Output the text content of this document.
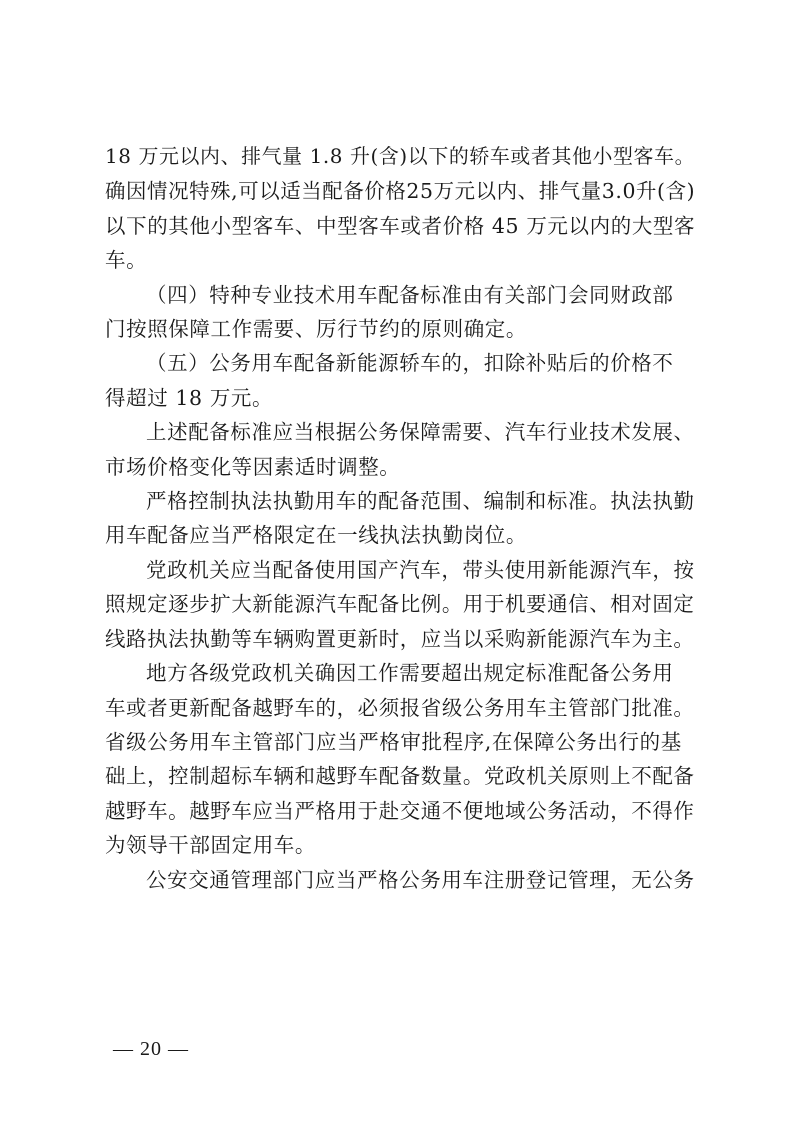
18 万元以内、排气量 1.8 升(含)以下的轿车或者其他小型客车。
确因情况特殊,可以适当配备价格25万元以内、排气量3.0升(含)
以下的其他小型客车、中型客车或者价格 45 万元以内的大型客
车。
（四）特种专业技术用车配备标准由有关部门会同财政部
门按照保障工作需要、厉行节约的原则确定。
（五）公务用车配备新能源轿车的，扣除补贴后的价格不
得超过 18 万元。
上述配备标准应当根据公务保障需要、汽车行业技术发展、
市场价格变化等因素适时调整。
严格控制执法执勤用车的配备范围、编制和标准。执法执勤
用车配备应当严格限定在一线执法执勤岗位。
党政机关应当配备使用国产汽车，带头使用新能源汽车，按
照规定逐步扩大新能源汽车配备比例。用于机要通信、相对固定
线路执法执勤等车辆购置更新时，应当以采购新能源汽车为主。
地方各级党政机关确因工作需要超出规定标准配备公务用
车或者更新配备越野车的，必须报省级公务用车主管部门批准。
省级公务用车主管部门应当严格审批程序,在保障公务出行的基
础上，控制超标车辆和越野车配备数量。党政机关原则上不配备
越野车。越野车应当严格用于赴交通不便地域公务活动，不得作
为领导干部固定用车。
公安交通管理部门应当严格公务用车注册登记管理，无公务

— 20 —
